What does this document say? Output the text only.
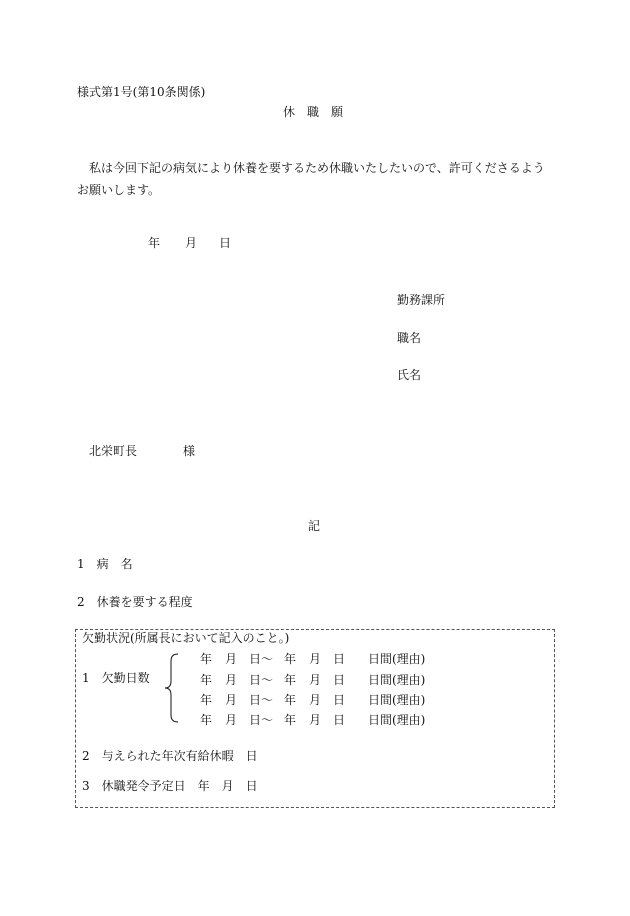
様式第1号(第10条関係)
休職願
私は今回下記の病気により休養を要するため休職いたしたいので、許可くださるようお願いします。
年 月 日
勤務課所
職名
氏名
北栄町長	様
記
1　病　名
2　休養を要する程度
欠勤状況(所属長において記入のこと。)
1　欠勤日数
年 月 日〜 年 月 日 日間(理由)
年 月 日〜 年 月 日 日間(理由)
年 月 日〜 年 月 日 日間(理由)
年 月 日〜 年 月 日 日間(理由)
2　与えられた年次有給休暇　日
3　休職発令予定日　年　月　日
